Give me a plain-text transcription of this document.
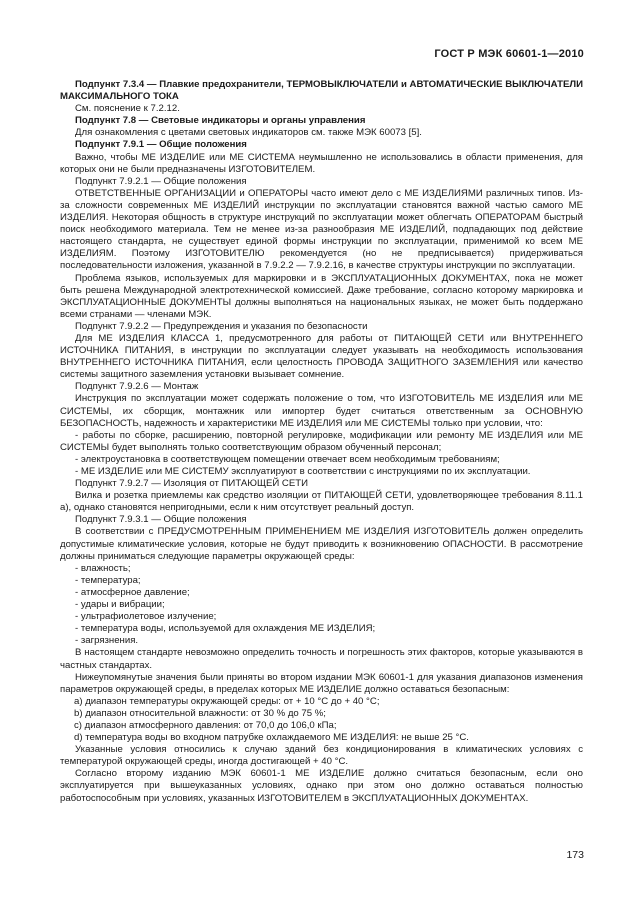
ГОСТ Р МЭК 60601-1—2010

Подпункт 7.3.4 — Плавкие предохранители, ТЕРМОВЫКЛЮЧАТЕЛИ и АВТОМАТИЧЕСКИЕ ВЫКЛЮЧАТЕЛИ МАКСИМАЛЬНОГО ТОКА

См. пояснение к 7.2.12.

Подпункт 7.8 — Световые индикаторы и органы управления

Для ознакомления с цветами световых индикаторов см. также МЭК 60073 [5].

Подпункт 7.9.1 — Общие положения

Важно, чтобы МЕ ИЗДЕЛИЕ или МЕ СИСТЕМА неумышленно не использовались в области применения, для которых они не были предназначены ИЗГОТОВИТЕЛЕМ.

Подпункт 7.9.2.1 — Общие положения

ОТВЕТСТВЕННЫЕ ОРГАНИЗАЦИИ и ОПЕРАТОРЫ часто имеют дело с МЕ ИЗДЕЛИЯМИ различных типов. Из-за сложности современных МЕ ИЗДЕЛИЙ инструкции по эксплуатации становятся важной частью самого МЕ ИЗДЕЛИЯ. Некоторая общность в структуре инструкций по эксплуатации может облегчать ОПЕРАТОРАМ быстрый поиск необходимого материала. Тем не менее из-за разнообразия МЕ ИЗДЕЛИЙ, подпадающих под действие настоящего стандарта, не существует единой формы инструкции по эксплуатации, применимой ко всем МЕ ИЗДЕЛИЯМ. Поэтому ИЗГОТОВИТЕЛЮ рекомендуется (но не предписывается) придерживаться последовательности изложения, указанной в 7.9.2.2 — 7.9.2.16, в качестве структуры инструкции по эксплуатации.

Проблема языков, используемых для маркировки и в ЭКСПЛУАТАЦИОННЫХ ДОКУМЕНТАХ, пока не может быть решена Международной электротехнической комиссией. Даже требование, согласно которому маркировка и ЭКСПЛУАТАЦИОННЫЕ ДОКУМЕНТЫ должны выполняться на национальных языках, не может быть поддержано всеми странами — членами МЭК.

Подпункт 7.9.2.2 — Предупреждения и указания по безопасности

Для МЕ ИЗДЕЛИЯ КЛАССА 1, предусмотренного для работы от ПИТАЮЩЕЙ СЕТИ или ВНУТРЕННЕГО ИСТОЧНИКА ПИТАНИЯ, в инструкции по эксплуатации следует указывать на необходимость использования ВНУТРЕННЕГО ИСТОЧНИКА ПИТАНИЯ, если целостность ПРОВОДА ЗАЩИТНОГО ЗАЗЕМЛЕНИЯ или качество системы защитного заземления установки вызывает сомнение.

Подпункт 7.9.2.6 — Монтаж

Инструкция по эксплуатации может содержать положение о том, что ИЗГОТОВИТЕЛЬ МЕ ИЗДЕЛИЯ или МЕ СИСТЕМЫ, их сборщик, монтажник или импортер будет считаться ответственным за ОСНОВНУЮ БЕЗОПАСНОСТЬ, надежность и характеристики МЕ ИЗДЕЛИЯ или МЕ СИСТЕМЫ только при условии, что:

- работы по сборке, расширению, повторной регулировке, модификации или ремонту МЕ ИЗДЕЛИЯ или МЕ СИСТЕМЫ будет выполнять только соответствующим образом обученный персонал;

- электроустановка в соответствующем помещении отвечает всем необходимым требованиям;

- МЕ ИЗДЕЛИЕ или МЕ СИСТЕМУ эксплуатируют в соответствии с инструкциями по их эксплуатации.

Подпункт 7.9.2.7 — Изоляция от ПИТАЮЩЕЙ СЕТИ

Вилка и розетка приемлемы как средство изоляции от ПИТАЮЩЕЙ СЕТИ, удовлетворяющее требования 8.11.1 а), однако становятся непригодными, если к ним отсутствует реальный доступ.

Подпункт 7.9.3.1 — Общие положения

В соответствии с ПРЕДУСМОТРЕННЫМ ПРИМЕНЕНИЕМ МЕ ИЗДЕЛИЯ ИЗГОТОВИТЕЛЬ должен определить допустимые климатические условия, которые не будут приводить к возникновению ОПАСНОСТИ. В рассмотрение должны приниматься следующие параметры окружающей среды:

- влажность;
- температура;
- атмосферное давление;
- удары и вибрации;
- ультрафиолетовое излучение;
- температура воды, используемой для охлаждения МЕ ИЗДЕЛИЯ;
- загрязнения.

В настоящем стандарте невозможно определить точность и погрешность этих факторов, которые указываются в частных стандартах.

Нижеупомянутые значения были приняты во втором издании МЭК 60601-1 для указания диапазонов изменения параметров окружающей среды, в пределах которых МЕ ИЗДЕЛИЕ должно оставаться безопасным:

a) диапазон температуры окружающей среды: от + 10 °C до + 40 °C;
b) диапазон относительной влажности: от 30 % до 75 %;
c) диапазон атмосферного давления: от 70,0 до 106,0 кПа;
d) температура воды во входном патрубке охлаждаемого МЕ ИЗДЕЛИЯ: не выше 25 °C.

Указанные условия относились к случаю зданий без кондиционирования в климатических условиях с температурой окружающей среды, иногда достигающей + 40 °C.

Согласно второму изданию МЭК 60601-1 МЕ ИЗДЕЛИЕ должно считаться безопасным, если оно эксплуатируется при вышеуказанных условиях, однако при этом оно должно оставаться полностью работоспособным при условиях, указанных ИЗГОТОВИТЕЛЕМ в ЭКСПЛУАТАЦИОННЫХ ДОКУМЕНТАХ.

173
